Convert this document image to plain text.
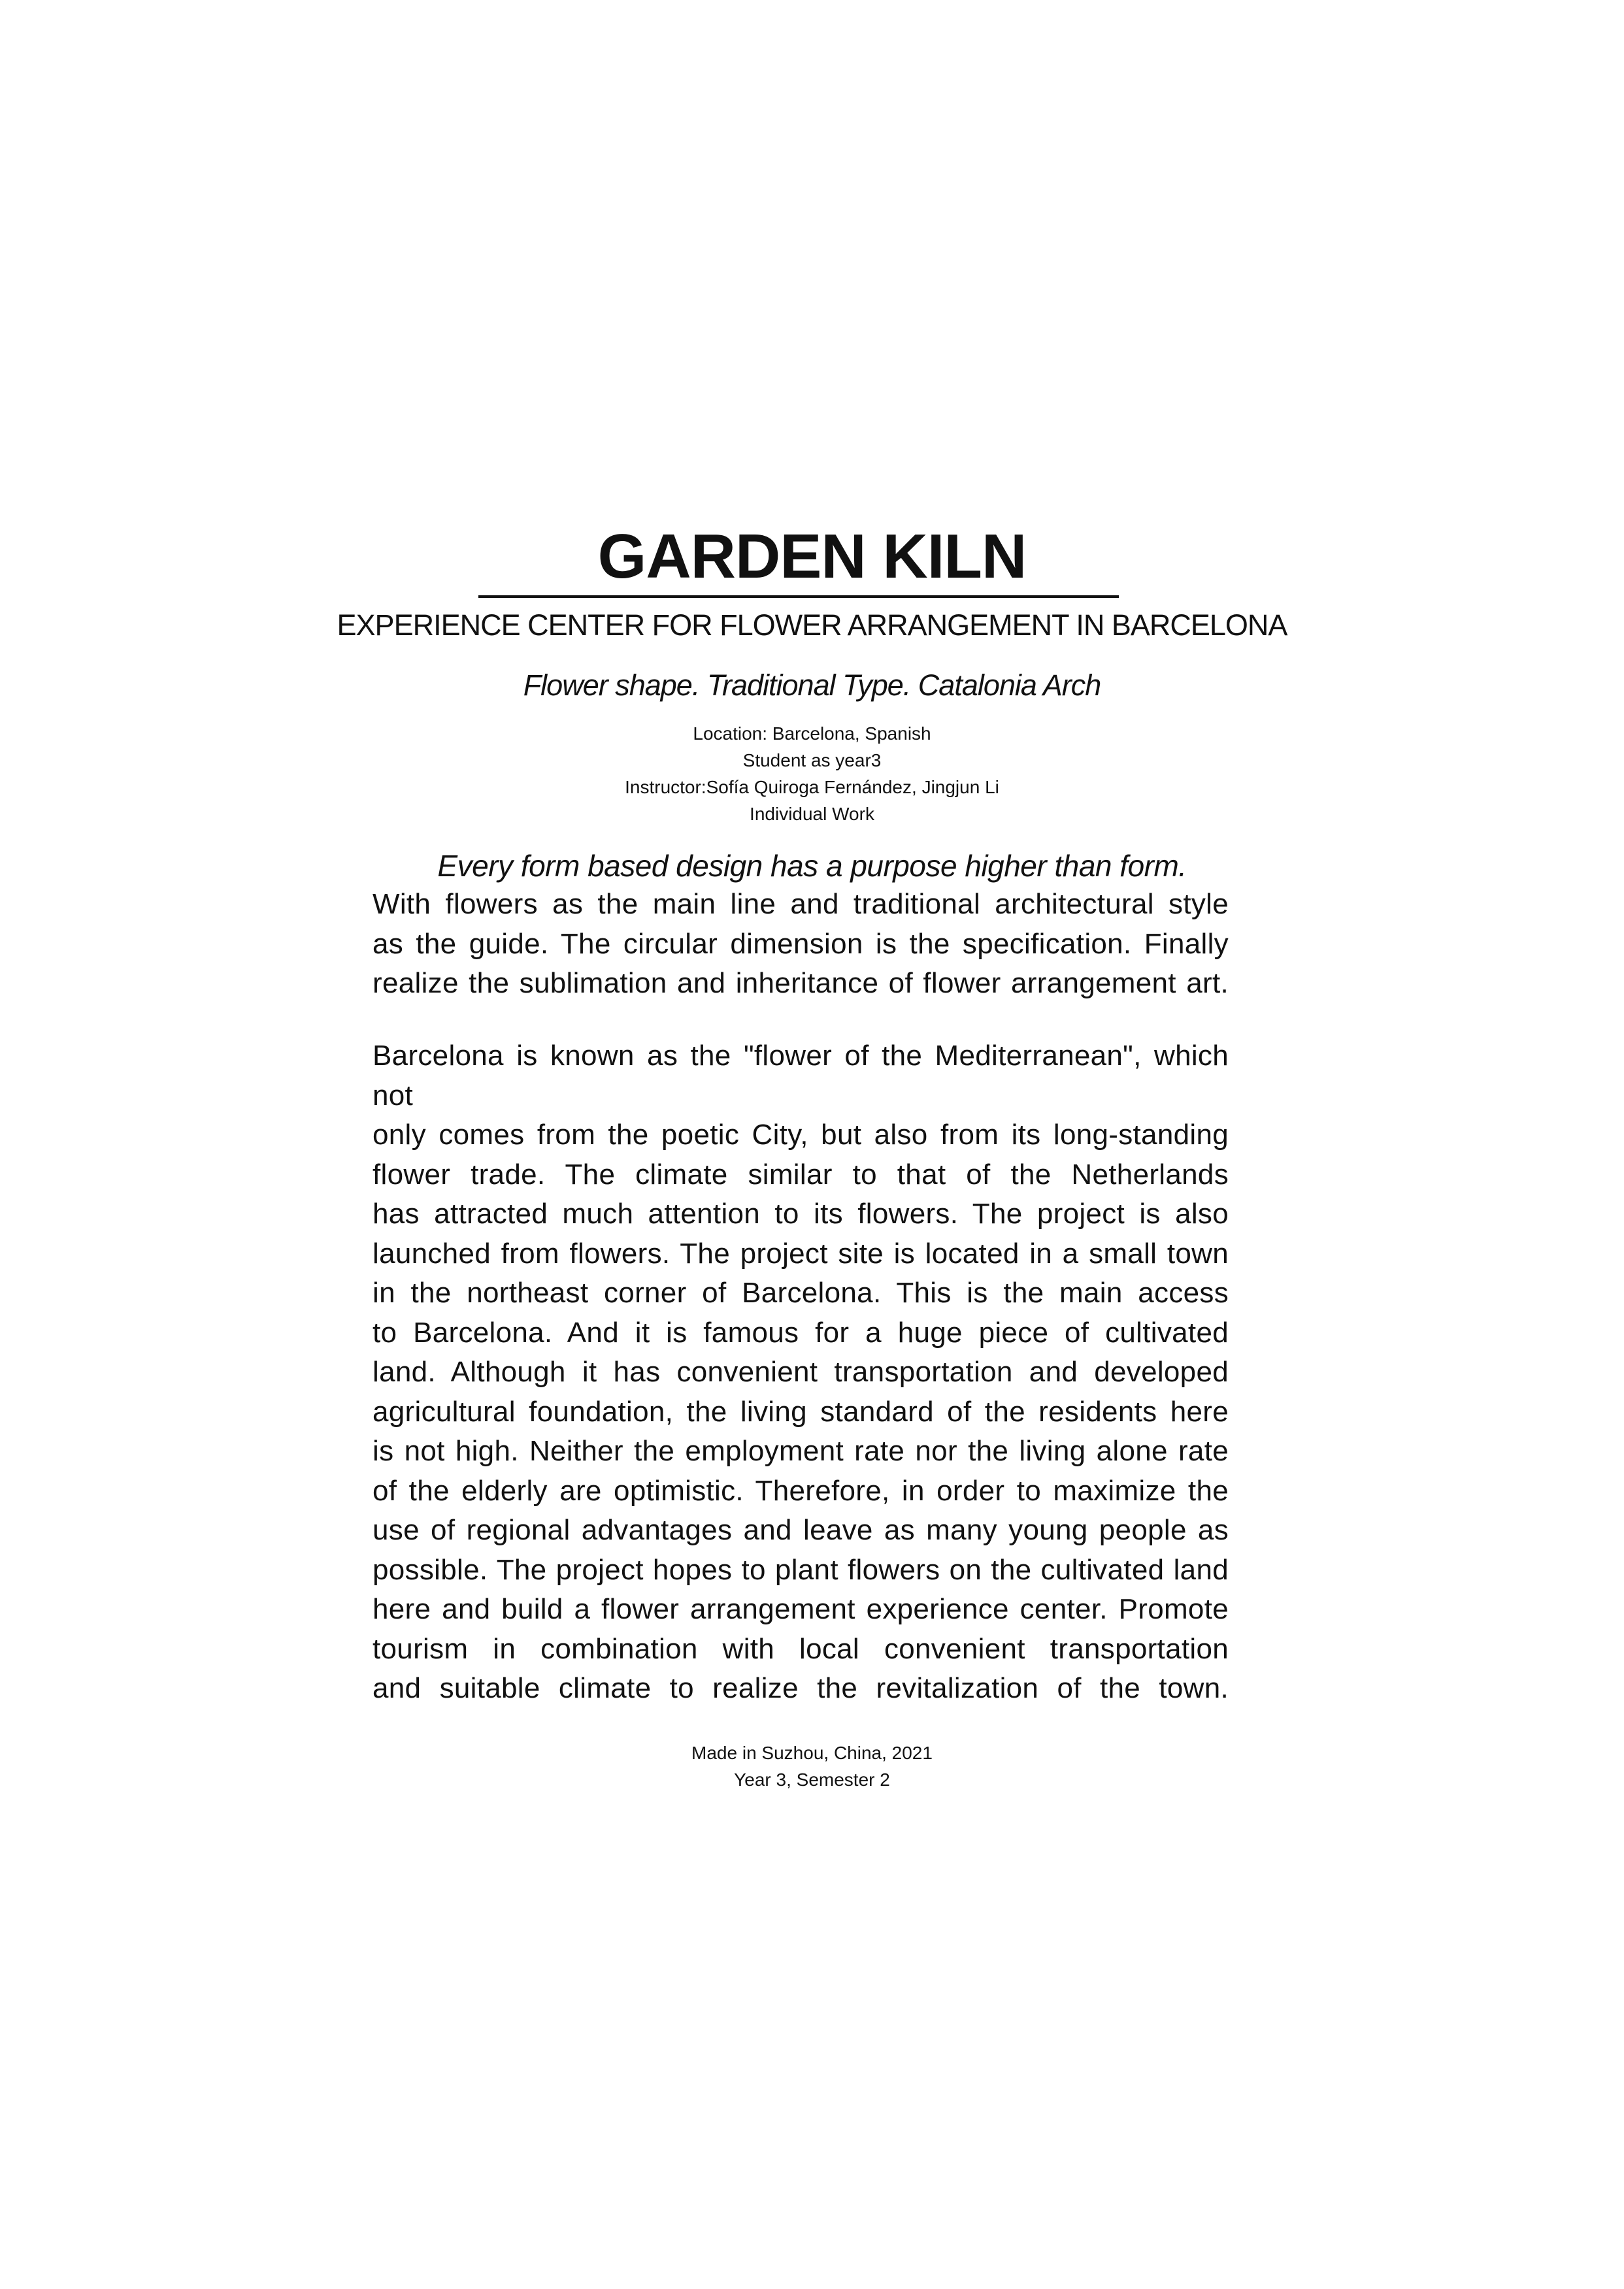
GARDEN KILN
EXPERIENCE CENTER FOR FLOWER ARRANGEMENT IN BARCELONA
Flower shape. Traditional Type. Catalonia Arch
Location: Barcelona, Spanish
Student as year3
Instructor:Sofía Quiroga Fernández, Jingjun Li
Individual Work
Every form based design has a purpose higher than form.
With flowers as the main line and traditional architectural style
as the guide. The circular dimension is the specification. Finally
realize the sublimation and inheritance of flower arrangement art.
Barcelona is known as the "flower of the Mediterranean", which not
only comes from the poetic City, but also from its long-standing
flower trade. The climate similar to that of the Netherlands
has attracted much attention to its flowers. The project is also
launched from flowers. The project site is located in a small town
in the northeast corner of Barcelona. This is the main access
to Barcelona. And it is famous for a huge piece of cultivated
land. Although it has convenient transportation and developed
agricultural foundation, the living standard of the residents here
is not high. Neither the employment rate nor the living alone rate
of the elderly are optimistic. Therefore, in order to maximize the
use of regional advantages and leave as many young people as
possible. The project hopes to plant flowers on the cultivated land
here and build a flower arrangement experience center. Promote
tourism in combination with local convenient transportation
and suitable climate to realize the revitalization of the town.
Made in Suzhou, China, 2021
Year 3, Semester 2
